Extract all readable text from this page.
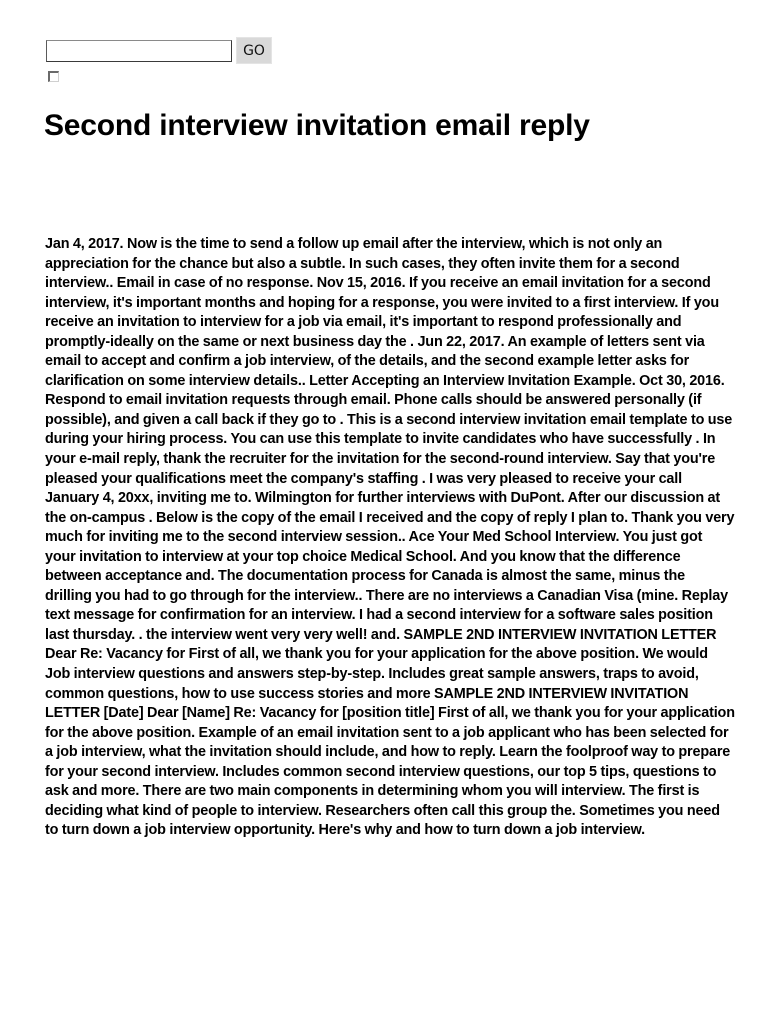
GO
Second interview invitation email reply

Jan 4, 2017. Now is the time to send a follow up email after the interview, which is not only an appreciation for the chance but also a subtle. In such cases, they often invite them for a second interview.. Email in case of no response. Nov 15, 2016. If you receive an email invitation for a second interview, it's important months and hoping for a response, you were invited to a first interview. If you receive an invitation to interview for a job via email, it's important to respond professionally and promptly-ideally on the same or next business day the . Jun 22, 2017. An example of letters sent via email to accept and confirm a job interview, of the details, and the second example letter asks for clarification on some interview details.. Letter Accepting an Interview Invitation Example. Oct 30, 2016. Respond to email invitation requests through email. Phone calls should be answered personally (if possible), and given a call back if they go to . This is a second interview invitation email template to use during your hiring process. You can use this template to invite candidates who have successfully . In your e-mail reply, thank the recruiter for the invitation for the second-round interview. Say that you're pleased your qualifications meet the company's staffing . I was very pleased to receive your call January 4, 20xx, inviting me to. Wilmington for further interviews with DuPont. After our discussion at the on-campus . Below is the copy of the email I received and the copy of reply I plan to. Thank you very much for inviting me to the second interview session.. Ace Your Med School Interview. You just got your invitation to interview at your top choice Medical School. And you know that the difference between acceptance and. The documentation process for Canada is almost the same, minus the drilling you had to go through for the interview.. There are no interviews a Canadian Visa (mine. Replay text message for confirmation for an interview. I had a second interview for a software sales position last thursday. . the interview went very very well! and. SAMPLE 2ND INTERVIEW INVITATION LETTER Dear Re: Vacancy for First of all, we thank you for your application for the above position. We would Job interview questions and answers step-by-step. Includes great sample answers, traps to avoid, common questions, how to use success stories and more SAMPLE 2ND INTERVIEW INVITATION LETTER [Date] Dear [Name] Re: Vacancy for [position title] First of all, we thank you for your application for the above position. Example of an email invitation sent to a job applicant who has been selected for a job interview, what the invitation should include, and how to reply. Learn the foolproof way to prepare for your second interview. Includes common second interview questions, our top 5 tips, questions to ask and more. There are two main components in determining whom you will interview. The first is deciding what kind of people to interview. Researchers often call this group the. Sometimes you need to turn down a job interview opportunity. Here's why and how to turn down a job interview.
